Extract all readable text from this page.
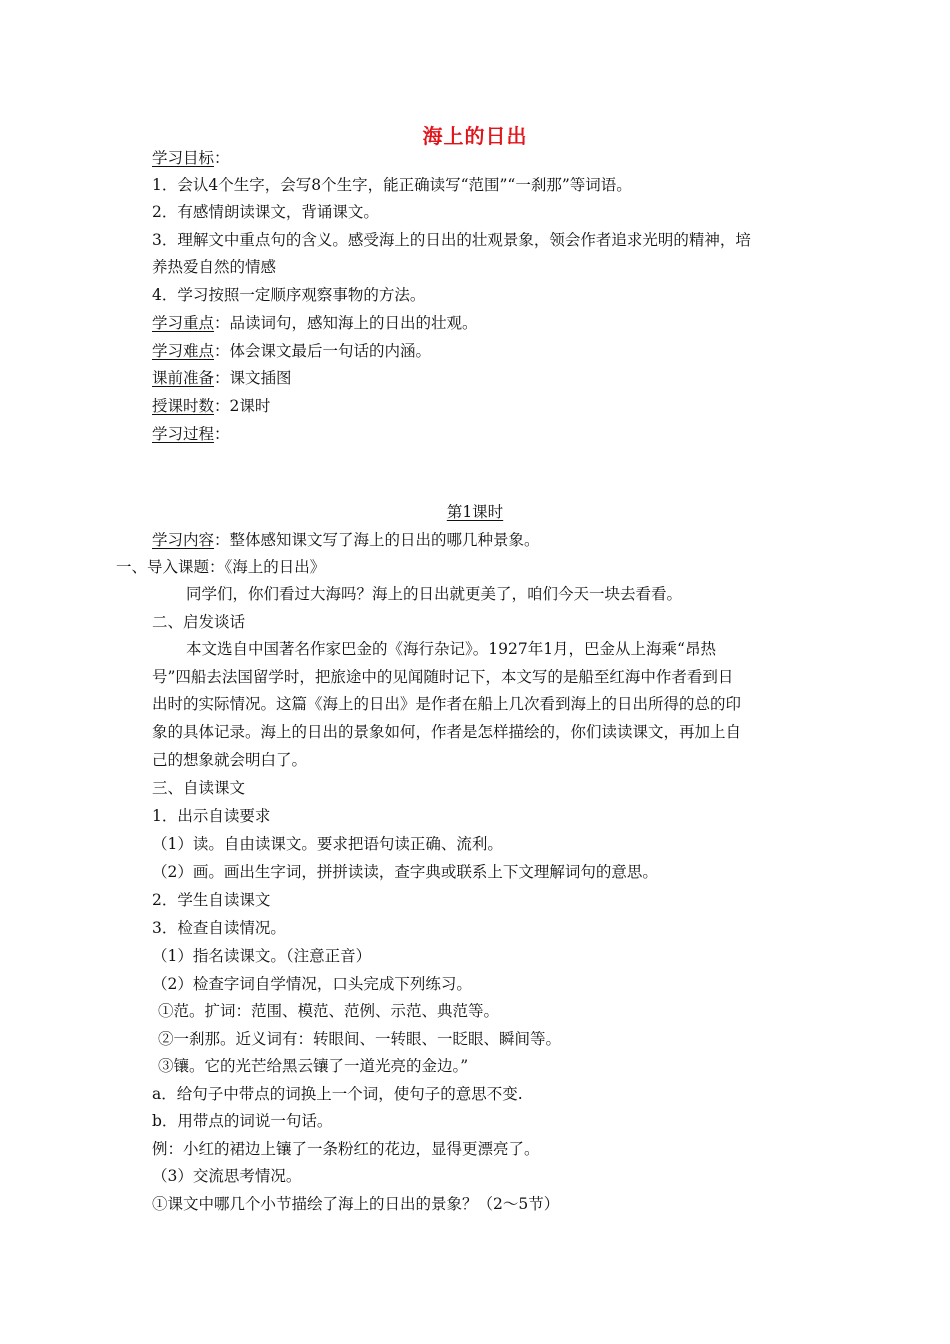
海上的日出
学习目标：
1．会认4个生字，会写8个生字，能正确读写“范围”“一刹那”等词语。
2．有感情朗读课文，背诵课文。
3．理解文中重点句的含义。感受海上的日出的壮观景象，领会作者追求光明的精神，培
养热爱自然的情感
4．学习按照一定顺序观察事物的方法。
学习重点：品读词句，感知海上的日出的壮观。
学习难点：体会课文最后一句话的内涵。
课前准备：课文插图
授课时数：2课时
学习过程：
第1课时
学习内容：整体感知课文写了海上的日出的哪几种景象。
一、导入课题：《海上的日出》
同学们，你们看过大海吗？海上的日出就更美了，咱们今天一块去看看。
二、启发谈话
本文选自中国著名作家巴金的《海行杂记》。1927年1月，巴金从上海乘“昂热
号”四船去法国留学时，把旅途中的见闻随时记下，本文写的是船至红海中作者看到日
出时的实际情况。这篇《海上的日出》是作者在船上几次看到海上的日出所得的总的印
象的具体记录。海上的日出的景象如何，作者是怎样描绘的，你们读读课文，再加上自
己的想象就会明白了。
三、自读课文
1．出示自读要求
（1）读。自由读课文。要求把语句读正确、流利。
（2）画。画出生字词，拼拼读读，查字典或联系上下文理解词句的意思。
2．学生自读课文
3．检查自读情况。
（1）指名读课文。（注意正音）
（2）检查字词自学情况，口头完成下列练习。
①范。扩词：范围、模范、范例、示范、典范等。
②一刹那。近义词有：转眼间、一转眼、一眨眼、瞬间等。
③镶。它的光芒给黑云镶了一道光亮的金边。”
a．给句子中带点的词换上一个词，使句子的意思不变.
b．用带点的词说一句话。
例：小红的裙边上镶了一条粉红的花边，显得更漂亮了。
（3）交流思考情况。
①课文中哪几个小节描绘了海上的日出的景象？（2～5节）
